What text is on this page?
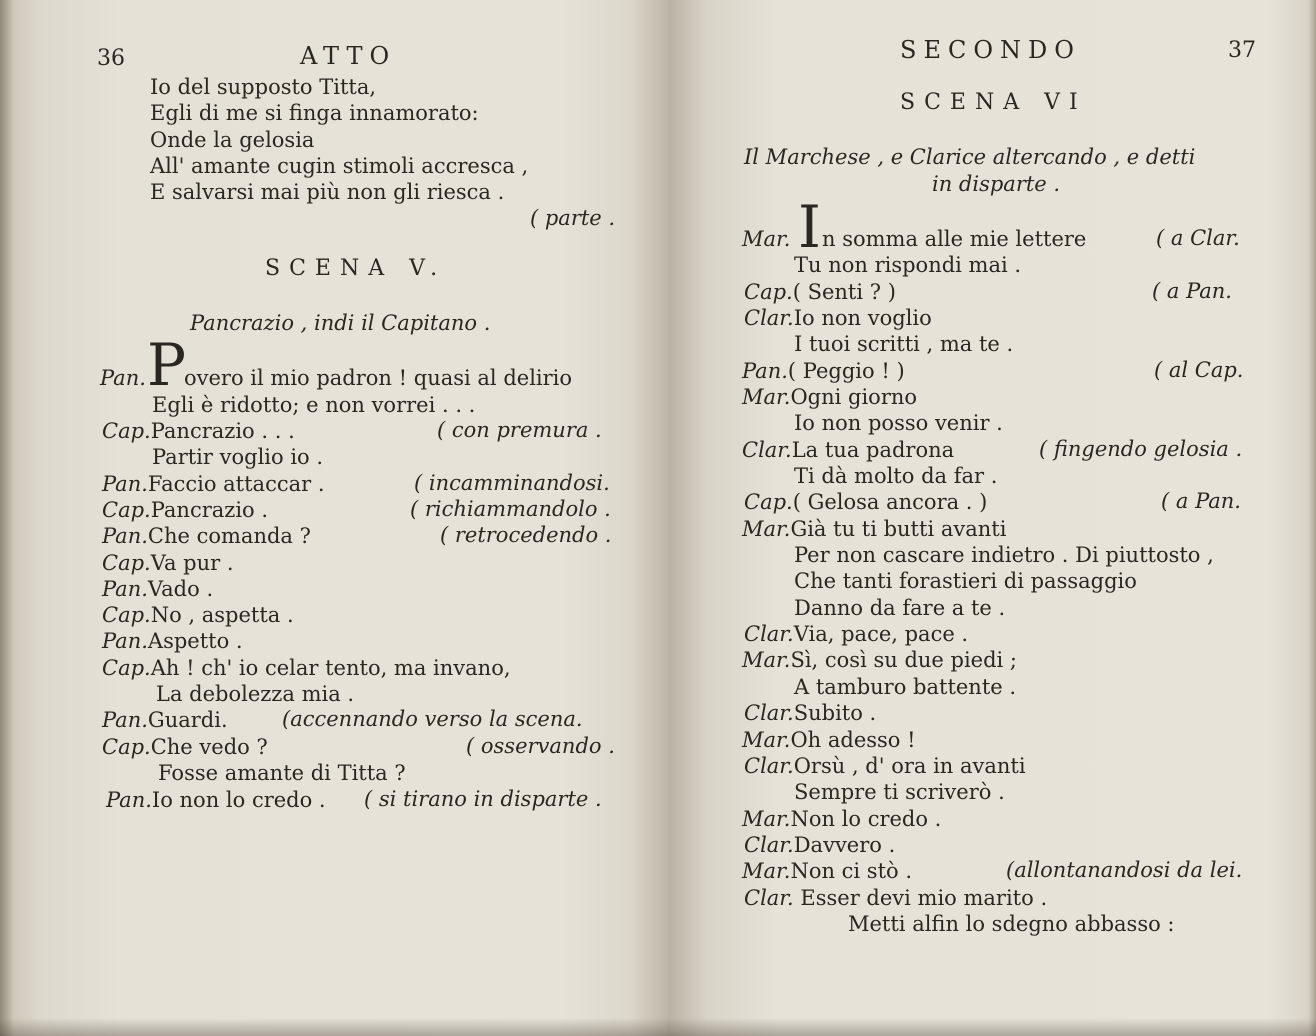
36	ATTO
Io del supposto Titta,
Egli di me si finga innamorato:
Onde la gelosia
All' amante cugin stimoli accresca ,
E salvarsi mai più non gli riesca .
( parte .
SCENA V.
Pancrazio , indi il Capitano .
Pan. P
overo il mio padron ! quasi al delirio
Egli è ridotto; e non vorrei . . .
Cap.Pancrazio . . .	( con premura .
Partir voglio io .
Pan.Faccio attaccar .	( incamminandosi.
Cap.Pancrazio .	( richiammandolo .
Pan.Che comanda ?	( retrocedendo .
Cap.Va pur .
Pan.Vado .
Cap.No , aspetta .
Pan.Aspetto .
Cap.Ah ! ch' io celar tento, ma invano,
La debolezza mia .
Pan.Guardi.	(accennando verso la scena.
Cap.Che vedo ?	( osservando .
Fosse amante di Titta ?
Pan.Io non lo credo . ( si tirano in disparte .
SECONDO	37
SCENA VI
Il Marchese , e Clarice altercando , e detti
in disparte .
Mar. I n somma alle mie lettere	( a Clar.
Tu non rispondi mai .
Cap.( Senti ? )	( a Pan.
Clar.Io non voglio
I tuoi scritti , ma te .
Pan.( Peggio ! )	( al Cap.
Mar.Ogni giorno
Io non posso venir .
Clar.La tua padrona	( fingendo gelosia .
Ti dà molto da far .
Cap.( Gelosa ancora . )	( a Pan.
Mar.Già tu ti butti avanti
Per non cascare indietro . Di piuttosto ,
Che tanti forastieri di passaggio
Danno da fare a te .
Clar.Via, pace, pace .
Mar.Sì, così su due piedi ;
A tamburo battente .
Clar.Subito .
Mar.Oh adesso !
Clar.Orsù , d' ora in avanti
Sempre ti scriverò .
Mar.Non lo credo .
Clar.Davvero .
Mar.Non ci stò .	(allontanandosi da lei.
Clar. Esser devi mio marito .
Metti alfin lo sdegno abbasso :
